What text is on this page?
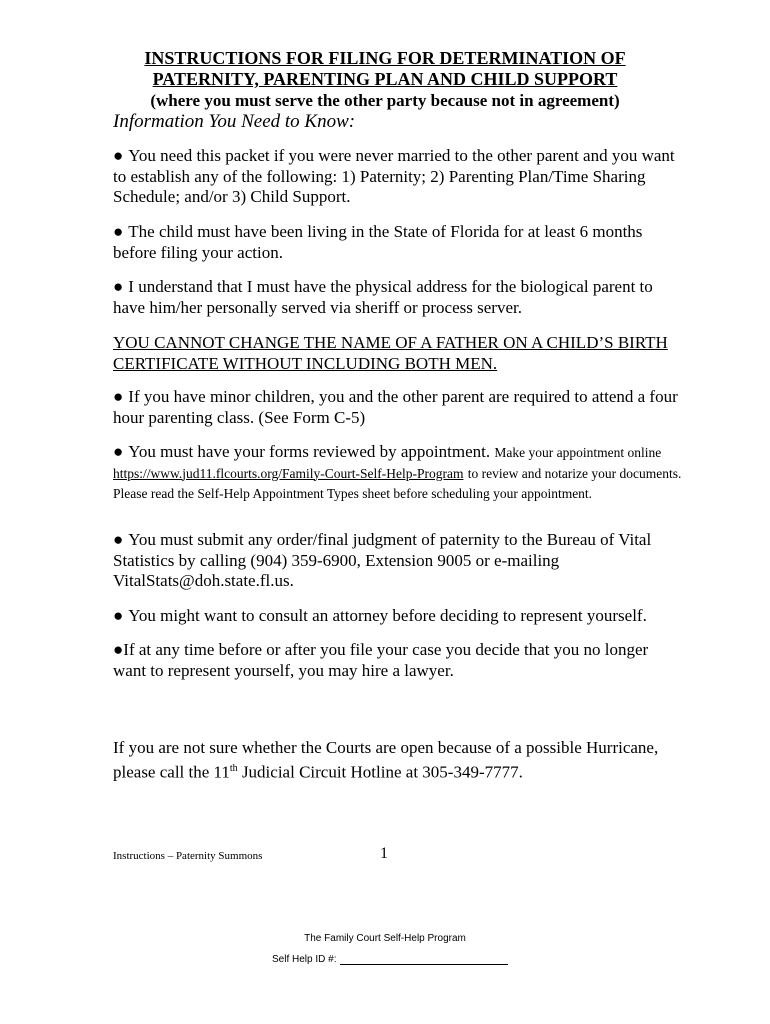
INSTRUCTIONS FOR FILING FOR DETERMINATION OF
PATERNITY, PARENTING PLAN AND CHILD SUPPORT
(where you must serve the other party because not in agreement)
Information You Need to Know:
● You need this packet if you were never married to the other parent and you want to establish any of the following: 1) Paternity; 2) Parenting Plan/Time Sharing Schedule; and/or 3) Child Support.
● The child must have been living in the State of Florida for at least 6 months before filing your action.
● I understand that I must have the physical address for the biological parent to have him/her personally served via sheriff or process server.
YOU CANNOT CHANGE THE NAME OF A FATHER ON A CHILD’S BIRTH CERTIFICATE WITHOUT INCLUDING BOTH MEN.
● If you have minor children, you and the other parent are required to attend a four hour parenting class. (See Form C-5)
● You must have your forms reviewed by appointment. Make your appointment online https://www.jud11.flcourts.org/Family-Court-Self-Help-Program to review and notarize your documents. Please read the Self-Help Appointment Types sheet before scheduling your appointment.
● You must submit any order/final judgment of paternity to the Bureau of Vital Statistics by calling (904) 359-6900, Extension 9005 or e-mailing VitalStats@doh.state.fl.us.
● You might want to consult an attorney before deciding to represent yourself.
●If at any time before or after you file your case you decide that you no longer want to represent yourself, you may hire a lawyer.
If you are not sure whether the Courts are open because of a possible Hurricane, please call the 11th Judicial Circuit Hotline at 305-349-7777.
Instructions – Paternity Summons	1
The Family Court Self-Help Program
Self Help ID #:
